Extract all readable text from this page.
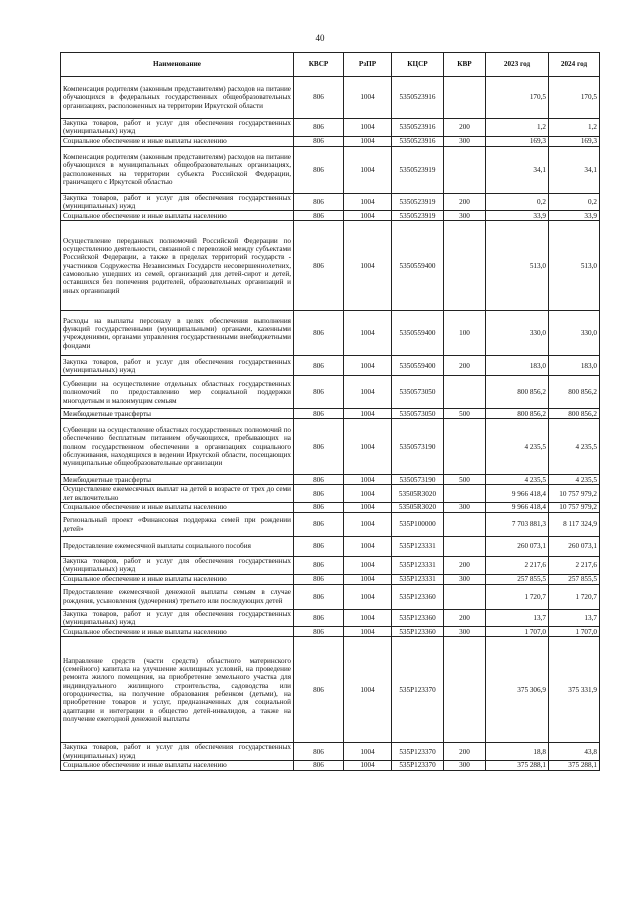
40
Наименование	КВСР	РзПР	КЦСР	КВР	2023 год	2024 год
Компенсация родителям (законным представителям) расходов на питание обучающихся в федеральных государственных общеобразовательных организациях, расположенных на территории Иркутской области	806	1004	5350523916		170,5	170,5
Закупка товаров, работ и услуг для обеспечения государственных (муниципальных) нужд	806	1004	5350523916	200	1,2	1,2
Социальное обеспечение и иные выплаты населению	806	1004	5350523916	300	169,3	169,3
Компенсация родителям (законным представителям) расходов на питание обучающихся в муниципальных общеобразовательных организациях, расположенных на территории субъекта Российской Федерации, граничащего с Иркутской областью	806	1004	5350523919		34,1	34,1
Закупка товаров, работ и услуг для обеспечения государственных (муниципальных) нужд	806	1004	5350523919	200	0,2	0,2
Социальное обеспечение и иные выплаты населению	806	1004	5350523919	300	33,9	33,9
Осуществление переданных полномочий Российской Федерации по осуществлению деятельности, связанной с перевозкой между субъектами Российской Федерации, а также в пределах территорий государств - участников Содружества Независимых Государств несовершеннолетних, самовольно ушедших из семей, организаций для детей-сирот и детей, оставшихся без попечения родителей, образовательных организаций и иных организаций	806	1004	5350559400		513,0	513,0
Расходы на выплаты персоналу в целях обеспечения выполнения функций государственными (муниципальными) органами, казенными учреждениями, органами управления государственными внебюджетными фондами	806	1004	5350559400	100	330,0	330,0
Закупка товаров, работ и услуг для обеспечения государственных (муниципальных) нужд	806	1004	5350559400	200	183,0	183,0
Субвенции на осуществление отдельных областных государственных полномочий по предоставлению мер социальной поддержки многодетным и малоимущим семьям	806	1004	5350573050		800 856,2	800 856,2
Межбюджетные трансферты	806	1004	5350573050	500	800 856,2	800 856,2
Субвенции на осуществление областных государственных полномочий по обеспечению бесплатным питанием обучающихся, пребывающих на полном государственном обеспечении в организациях социального обслуживания, находящихся в ведении Иркутской области, посещающих муниципальные общеобразовательные организации	806	1004	5350573190		4 235,5	4 235,5
Межбюджетные трансферты	806	1004	5350573190	500	4 235,5	4 235,5
Осуществление ежемесячных выплат на детей в возрасте от трех до семи лет включительно	806	1004	53505R3020		9 966 418,4	10 757 979,2
Социальное обеспечение и иные выплаты населению	806	1004	53505R3020	300	9 966 418,4	10 757 979,2
Региональный проект «Финансовая поддержка семей при рождении детей»	806	1004	535P100000		7 703 881,3	8 117 324,9
Предоставление ежемесячной выплаты социального пособия	806	1004	535P123331		260 073,1	260 073,1
Закупка товаров, работ и услуг для обеспечения государственных (муниципальных) нужд	806	1004	535P123331	200	2 217,6	2 217,6
Социальное обеспечение и иные выплаты населению	806	1004	535P123331	300	257 855,5	257 855,5
Предоставление ежемесячной денежной выплаты семьям в случае рождения, усыновления (удочерения) третьего или последующих детей	806	1004	535P123360		1 720,7	1 720,7
Закупка товаров, работ и услуг для обеспечения государственных (муниципальных) нужд	806	1004	535P123360	200	13,7	13,7
Социальное обеспечение и иные выплаты населению	806	1004	535P123360	300	1 707,0	1 707,0
Направление средств (части средств) областного материнского (семейного) капитала на улучшение жилищных условий, на проведение ремонта жилого помещения, на приобретение земельного участка для индивидуального жилищного строительства, садоводства или огородничества, на получение образования ребенком (детьми), на приобретение товаров и услуг, предназначенных для социальной адаптации и интеграции в общество детей-инвалидов, а также на получение ежегодной денежной выплаты	806	1004	535P123370		375 306,9	375 331,9
Закупка товаров, работ и услуг для обеспечения государственных (муниципальных) нужд	806	1004	535P123370	200	18,8	43,8
Социальное обеспечение и иные выплаты населению	806	1004	535P123370	300	375 288,1	375 288,1
